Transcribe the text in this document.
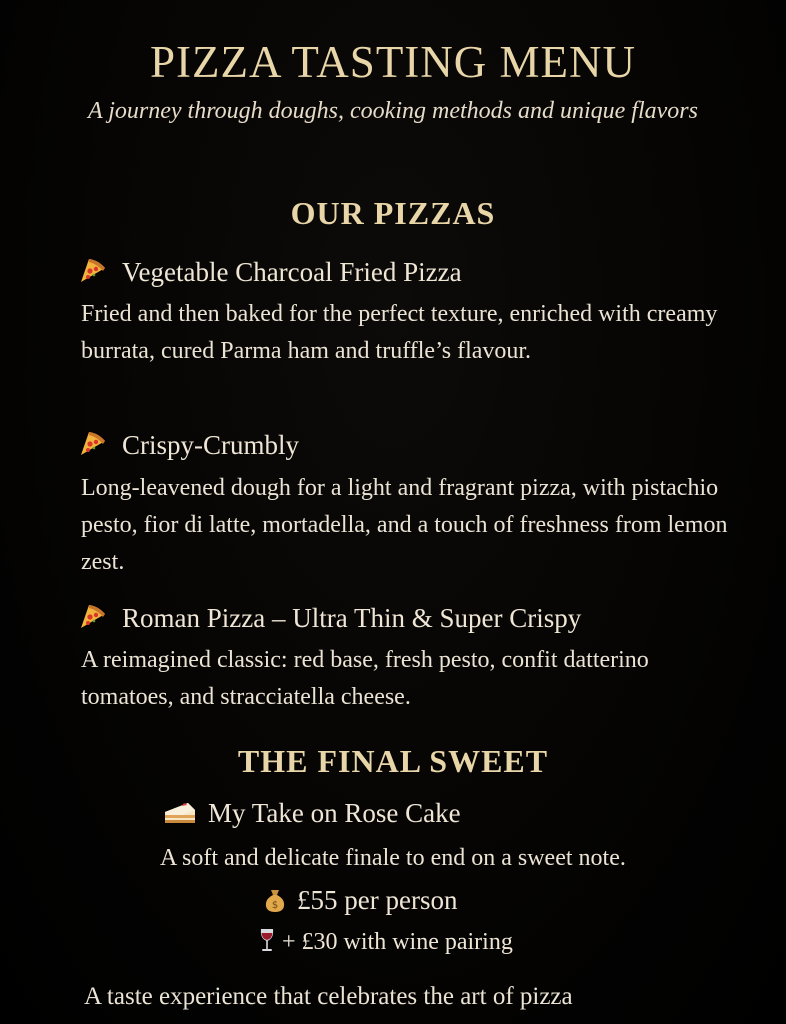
PIZZA TASTING MENU
A journey through doughs, cooking methods and unique flavors
OUR PIZZAS
Vegetable Charcoal Fried Pizza
Fried and then baked for the perfect texture, enriched with creamy burrata, cured Parma ham and truffle’s flavour.
Crispy-Crumbly
Long-leavened dough for a light and fragrant pizza, with pistachio pesto, fior di latte, mortadella, and a touch of freshness from lemon zest.
Roman Pizza – Ultra Thin & Super Crispy
A reimagined classic: red base, fresh pesto, confit datterino tomatoes, and stracciatella cheese.
THE FINAL SWEET
My Take on Rose Cake
A soft and delicate finale to end on a sweet note.
$ £55 per person
+ £30 with wine pairing
A taste experience that celebrates the art of pizza
